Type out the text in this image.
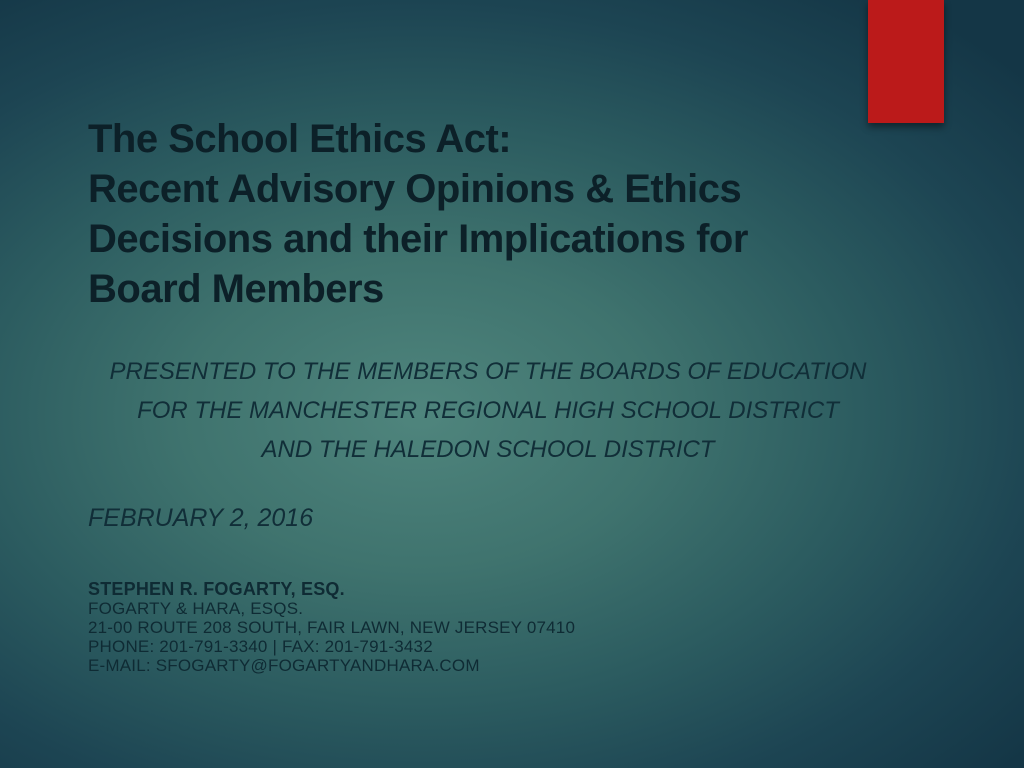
The School Ethics Act:
Recent Advisory Opinions & Ethics
Decisions and their Implications for
Board Members
PRESENTED TO THE MEMBERS OF THE BOARDS OF EDUCATION
FOR THE MANCHESTER REGIONAL HIGH SCHOOL DISTRICT
AND THE HALEDON SCHOOL DISTRICT
FEBRUARY 2, 2016
STEPHEN R. FOGARTY, ESQ.
FOGARTY & HARA, ESQS.
21-00 ROUTE 208 SOUTH, FAIR LAWN, NEW JERSEY 07410
PHONE: 201-791-3340 | FAX: 201-791-3432
E-MAIL: SFOGARTY@FOGARTYANDHARA.COM
